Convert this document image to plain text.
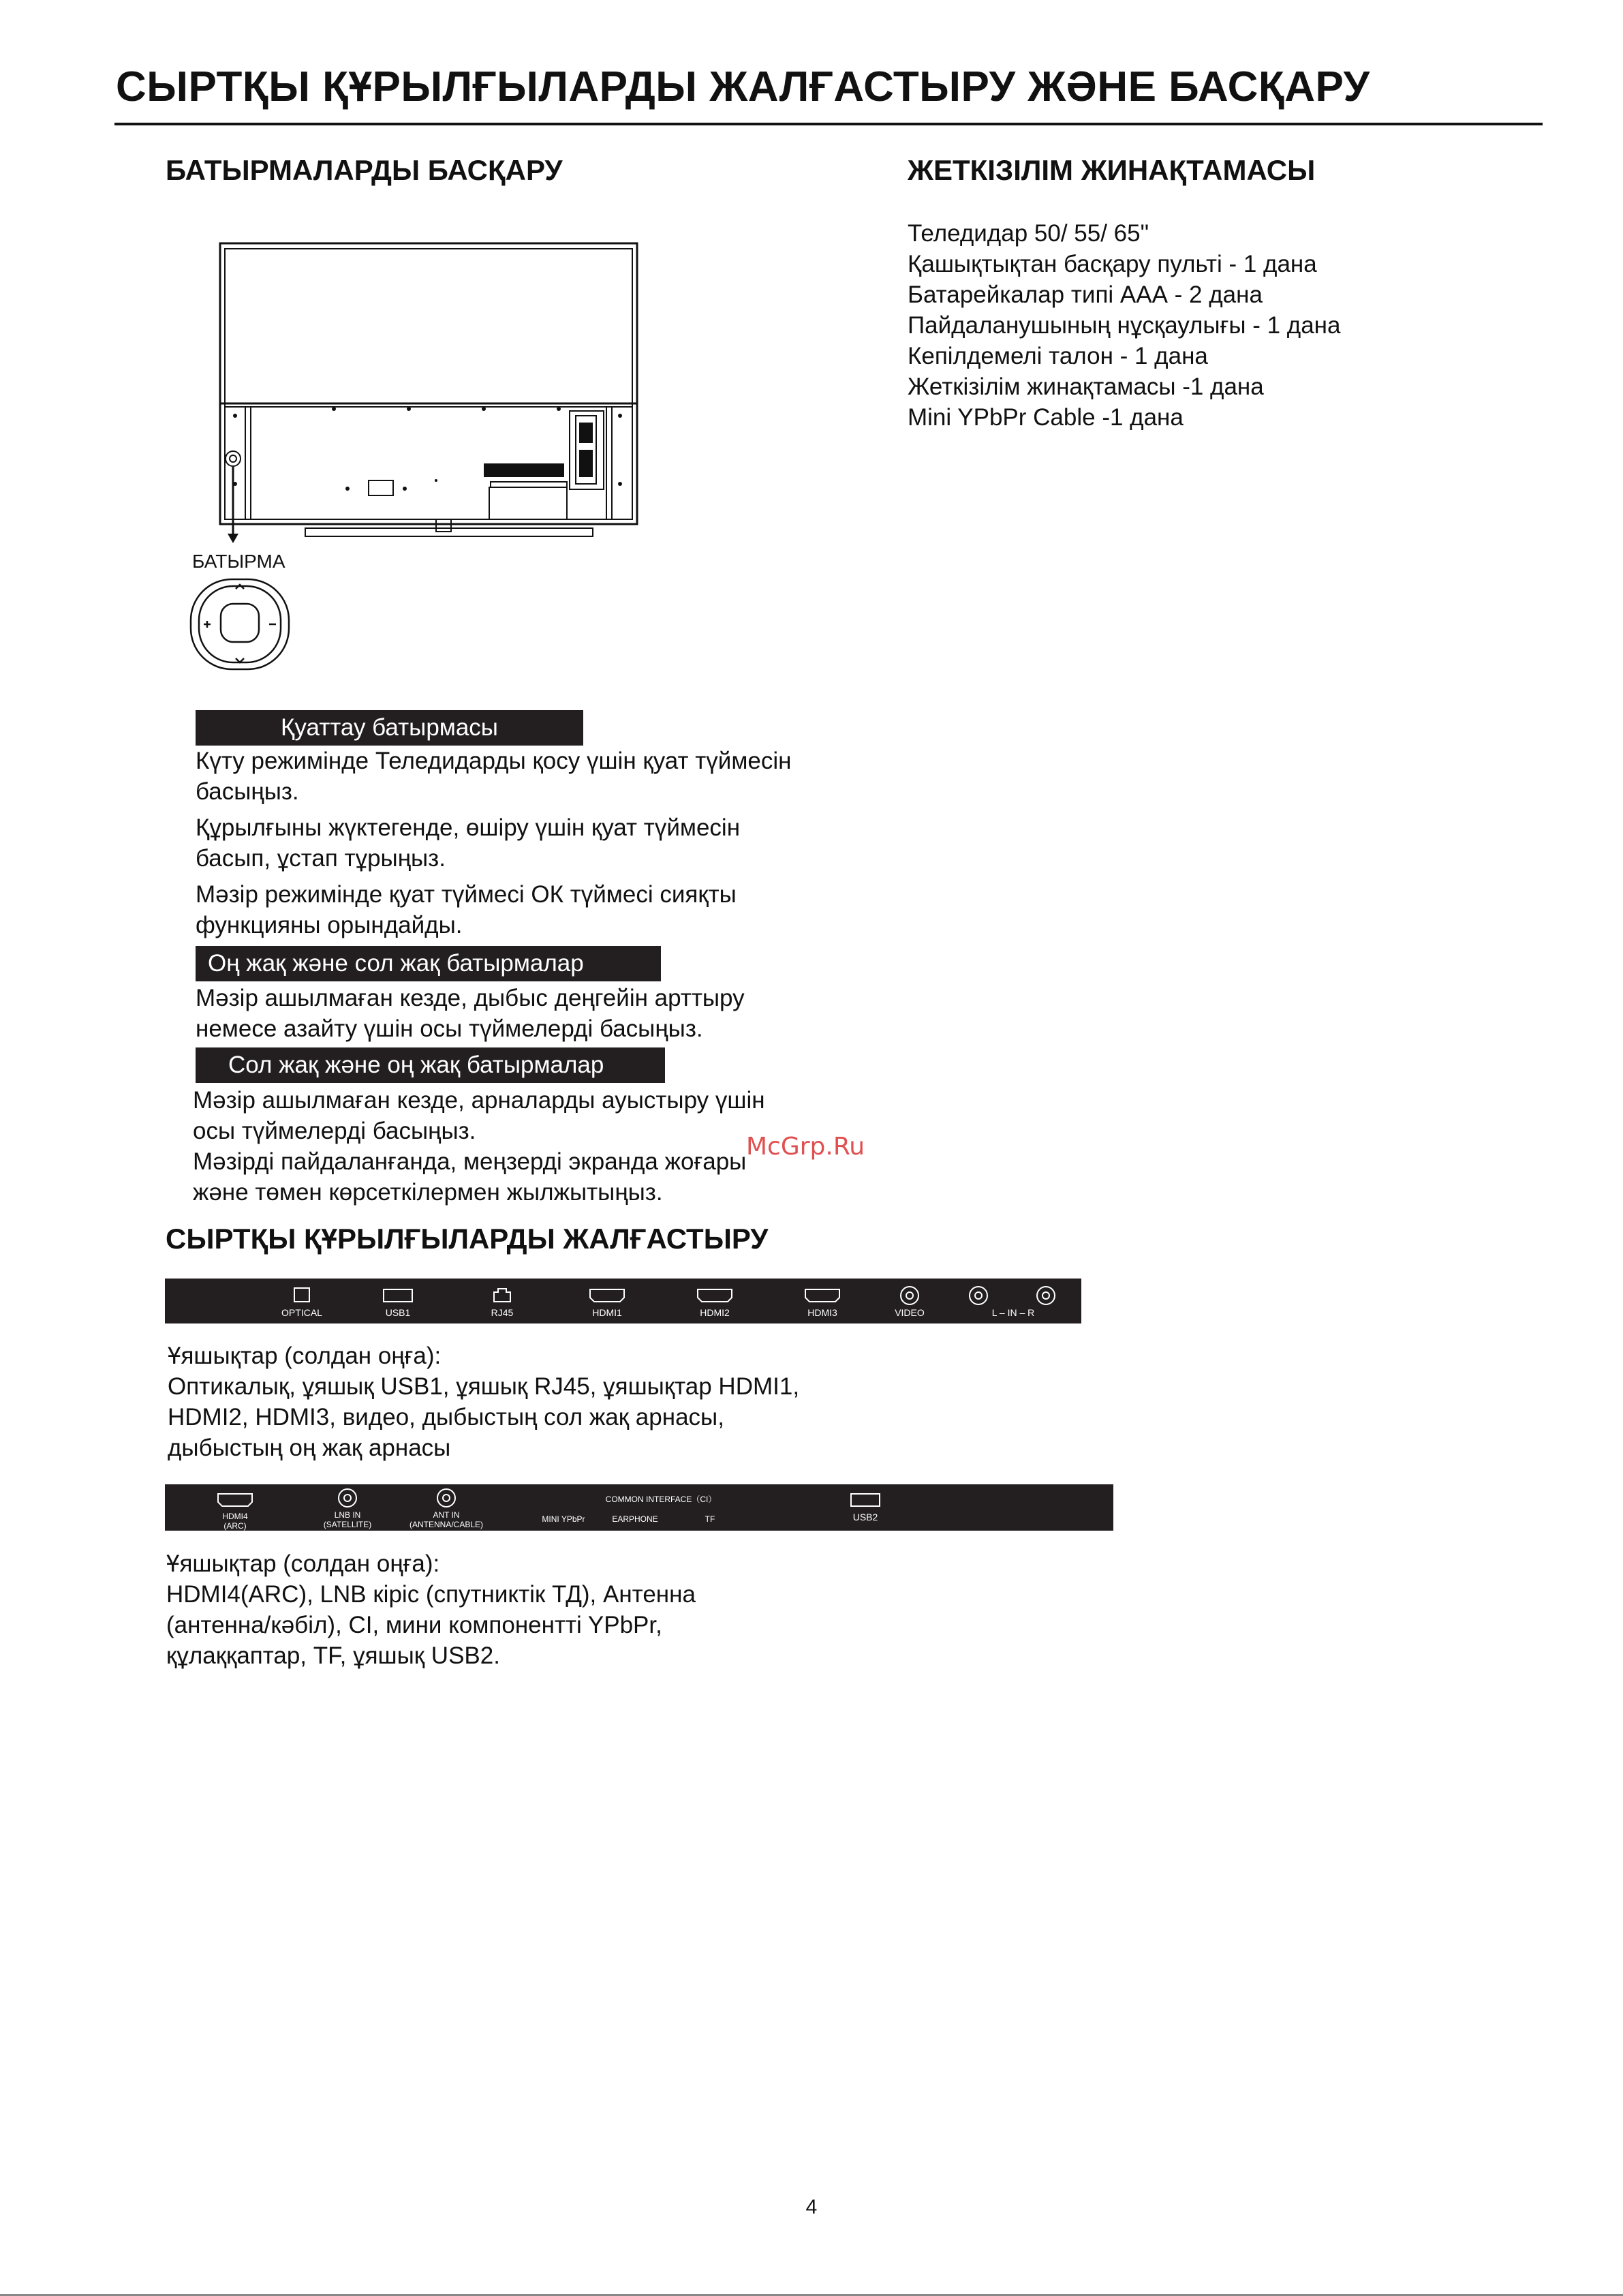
СЫРТҚЫ ҚҰРЫЛҒЫЛАРДЫ ЖАЛҒАСТЫРУ ЖӘНЕ БАСҚАРУ
БАТЫРМАЛАРДЫ БАСҚАРУ
БАТЫРМА
Қуаттау батырмасы
Күту режимінде Теледидарды қосу үшін қуат түймесін
басыңыз.
Құрылғыны жүктегенде, өшіру үшін қуат түймесін
басып, ұстап тұрыңыз.
Мәзір режимінде қуат түймесі ОК түймесі сияқты
функцияны орындайды.
Оң жақ және сол жақ батырмалар
Мәзір ашылмаған кезде, дыбыс деңгейін арттыру
немесе азайту үшін осы түймелерді басыңыз.
Сол жақ және оң жақ батырмалар
Мәзір ашылмаған кезде, арналарды ауыстыру үшін
осы түймелерді басыңыз.
Мәзірді пайдаланғанда, меңзерді экранда жоғары
және төмен көрсеткілермен жылжытыңыз.
McGrp.Ru
ЖЕТКІЗІЛІМ ЖИНАҚТАМАСЫ
Теледидар 50/ 55/ 65"
Қашықтықтан басқару пульті - 1 дана
Батарейкалар типі ААА - 2 дана
Пайдаланушының нұсқаулығы - 1 дана
Кепілдемелі талон - 1 дана
Жеткізілім жинақтамасы -1 дана
Mini YPbPr Cable -1 дана
СЫРТҚЫ ҚҰРЫЛҒЫЛАРДЫ ЖАЛҒАСТЫРУ
OPTICAL	USB1	RJ45	HDMI1	HDMI2	HDMI3	VIDEO	L – IN – R
Ұяшықтар (солдан оңға):
Оптикалық, ұяшық USB1, ұяшық RJ45, ұяшықтар HDMI1,
HDMI2, HDMI3, видео, дыбыстың сол жақ арнасы,
дыбыстың оң жақ арнасы
HDMI4
(ARC)
LNB IN
(SATELLITE)
ANT IN
(ANTENNA/CABLE)
COMMON INTERFACE（CI）
MINI YPbPr	EARPHONE	TF	USB2
Ұяшықтар (солдан оңға):
HDMI4(ARC), LNB кіріс (спутниктік ТД), Антенна
(антенна/кәбіл), CI, мини компоненттi YPbPr,
құлаққаптар, TF, ұяшық USB2.
4
